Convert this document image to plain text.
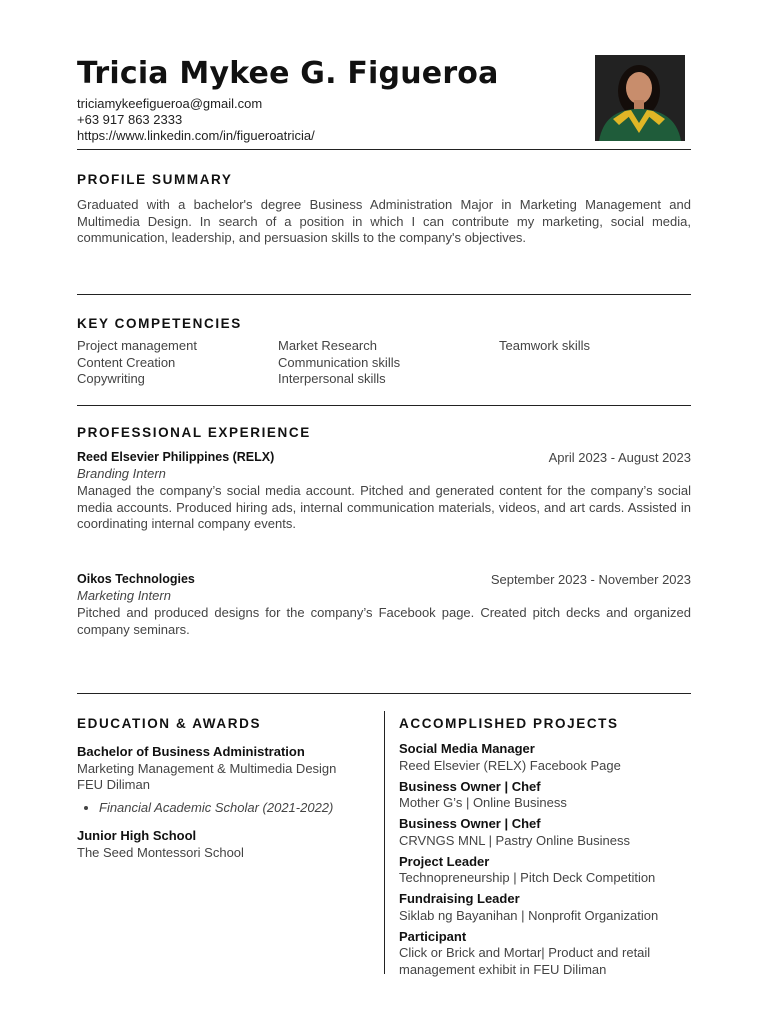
Tricia Mykee G. Figueroa
triciamykeefigueroa@gmail.com
+63 917 863 2333
https://www.linkedin.com/in/figueroatricia/
PROFILE SUMMARY

Graduated with a bachelor's degree Business Administration Major in Marketing Management and Multimedia Design. In search of a position in which I can contribute my marketing, social media, communication, leadership, and persuasion skills to the company's objectives.

KEY COMPETENCIES
Project management
Content Creation
Copywriting
Market Research
Communication skills
Interpersonal skills
Teamwork skills
PROFESSIONAL EXPERIENCE
Reed Elsevier Philippines (RELX)	April 2023 - August 2023
Branding Intern

Managed the company’s social media account. Pitched and generated content for the company’s social media accounts. Produced hiring ads, internal communication materials, videos, and art cards. Assisted in coordinating internal company events.

Oikos Technologies	September 2023 - November 2023
Marketing Intern

Pitched and produced designs for the company’s Facebook page. Created pitch decks and organized company seminars.

EDUCATION & AWARDS
Bachelor of Business Administration
Marketing Management & Multimedia Design
FEU Diliman
• Financial Academic Scholar (2021-2022)
Junior High School
The Seed Montessori School
ACCOMPLISHED PROJECTS
Social Media Manager
Reed Elsevier (RELX) Facebook Page
Business Owner | Chef
Mother G’s | Online Business
Business Owner | Chef
CRVNGS MNL | Pastry Online Business
Project Leader
Technopreneurship | Pitch Deck Competition
Fundraising Leader
Siklab ng Bayanihan | Nonprofit Organization
Participant
Click or Brick and Mortar| Product and retail management exhibit in FEU Diliman
